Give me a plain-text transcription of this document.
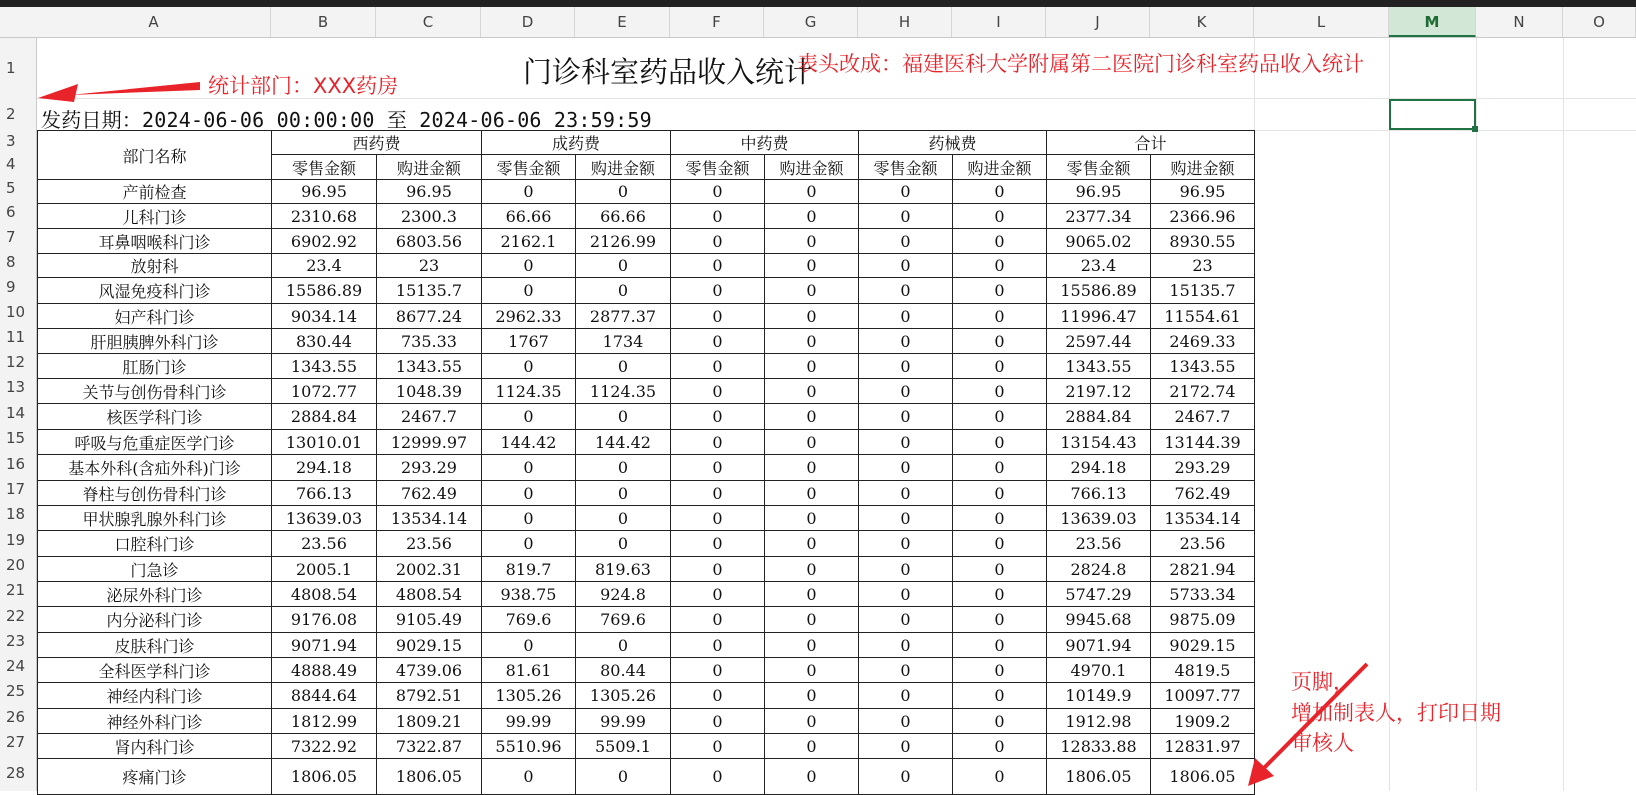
A	B	C	D	E	F	G	H	I	J	K	L	M	N	O
1
2
3
4
5
6
7
8
9
10
11
12
13
14
15
16
17
18
19
20
21
22
23
24
25
26
27
28
门诊科室药品收入统计
发药日期：2024-06-06 00:00:00 至 2024-06-06 23:59:59
部门名称	西药费		成药费		中药费		药械费		合计	
	零售金额	购进金额	零售金额	购进金额	零售金额	购进金额	零售金额	购进金额	零售金额	购进金额
产前检查	96.95	96.95	0	0	0	0	0	0	96.95	96.95
儿科门诊	2310.68	2300.3	66.66	66.66	0	0	0	0	2377.34	2366.96
耳鼻咽喉科门诊	6902.92	6803.56	2162.1	2126.99	0	0	0	0	9065.02	8930.55
放射科	23.4	23	0	0	0	0	0	0	23.4	23
风湿免疫科门诊	15586.89	15135.7	0	0	0	0	0	0	15586.89	15135.7
妇产科门诊	9034.14	8677.24	2962.33	2877.37	0	0	0	0	11996.47	11554.61
肝胆胰脾外科门诊	830.44	735.33	1767	1734	0	0	0	0	2597.44	2469.33
肛肠门诊	1343.55	1343.55	0	0	0	0	0	0	1343.55	1343.55
关节与创伤骨科门诊	1072.77	1048.39	1124.35	1124.35	0	0	0	0	2197.12	2172.74
核医学科门诊	2884.84	2467.7	0	0	0	0	0	0	2884.84	2467.7
呼吸与危重症医学门诊	13010.01	12999.97	144.42	144.42	0	0	0	0	13154.43	13144.39
基本外科(含疝外科)门诊	294.18	293.29	0	0	0	0	0	0	294.18	293.29
脊柱与创伤骨科门诊	766.13	762.49	0	0	0	0	0	0	766.13	762.49
甲状腺乳腺外科门诊	13639.03	13534.14	0	0	0	0	0	0	13639.03	13534.14
口腔科门诊	23.56	23.56	0	0	0	0	0	0	23.56	23.56
门急诊	2005.1	2002.31	819.7	819.63	0	0	0	0	2824.8	2821.94
泌尿外科门诊	4808.54	4808.54	938.75	924.8	0	0	0	0	5747.29	5733.34
内分泌科门诊	9176.08	9105.49	769.6	769.6	0	0	0	0	9945.68	9875.09
皮肤科门诊	9071.94	9029.15	0	0	0	0	0	0	9071.94	9029.15
全科医学科门诊	4888.49	4739.06	81.61	80.44	0	0	0	0	4970.1	4819.5
神经内科门诊	8844.64	8792.51	1305.26	1305.26	0	0	0	0	10149.9	10097.77
神经外科门诊	1812.99	1809.21	99.99	99.99	0	0	0	0	1912.98	1909.2
肾内科门诊	7322.92	7322.87	5510.96	5509.1	0	0	0	0	12833.88	12831.97
疼痛门诊	1806.05	1806.05	0	0	0	0	0	0	1806.05	1806.05
统计部门：XXX药房
表头改成：福建医科大学附属第二医院门诊科室药品收入统计
页脚，
增加制表人，打印日期
审核人
